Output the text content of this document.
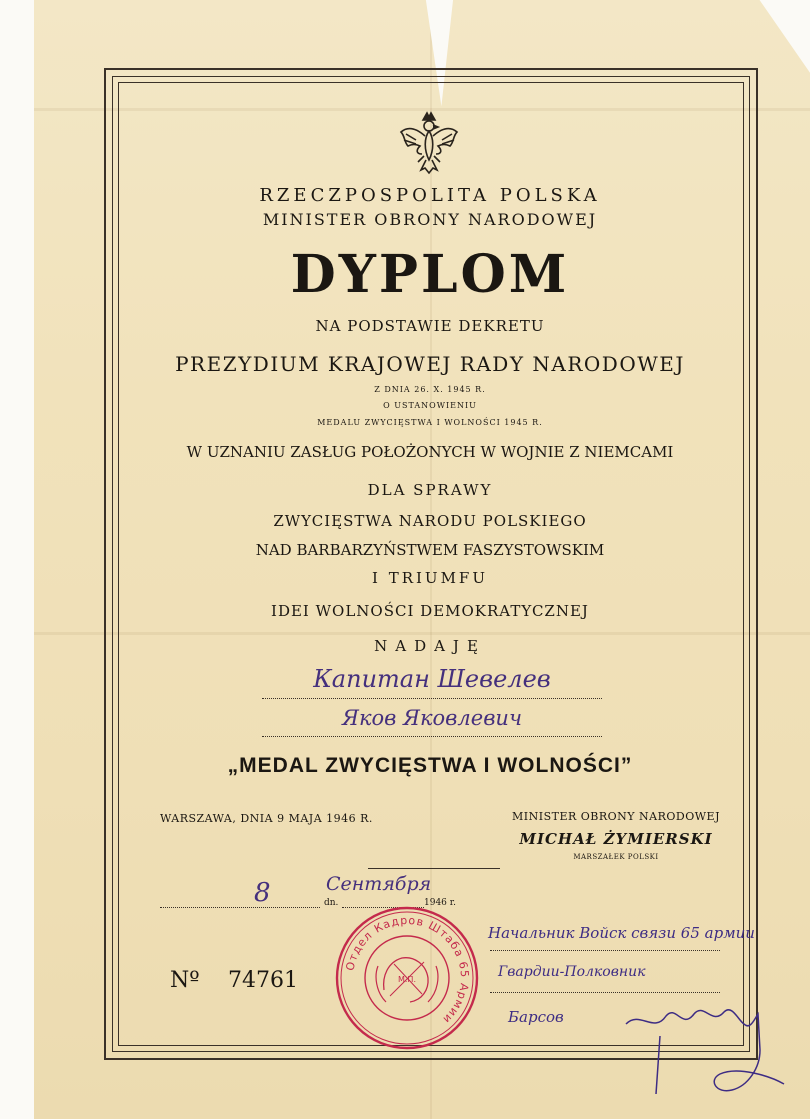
RZECZPOSPOLITA POLSKA
MINISTER OBRONY NARODOWEJ
DYPLOM
NA PODSTAWIE DEKRETU
PREZYDIUM KRAJOWEJ RADY NARODOWEJ
Z DNIA 26. X. 1945 R.
O USTANOWIENIU
MEDALU ZWYCIĘSTWA I WOLNOŚCI 1945 R.
W UZNANIU ZASŁUG POŁOŻONYCH W WOJNIE Z NIEMCAMI
DLA SPRAWY
ZWYCIĘSTWA NARODU POLSKIEGO
NAD BARBARZYŃSTWEM FASZYSTOWSKIM
I TRIUMFU
IDEI WOLNOŚCI DEMOKRATYCZNEJ
NADAJĘ
Капитан Шевелев
Яков Яковлевич
„MEDAL ZWYCIĘSTWA I WOLNOŚCI”
WARSZAWA, DNIA 9 MAJA 1946 R.	MINISTER OBRONY NARODOWEJ
MICHAŁ ŻYMIERSKI
MARSZAŁEK POLSKI
8	Сентября
dn.	1946 r.
Nº 74761
Отдел Кадров Штаба 65 Армии
М.П.
Начальник Войск связи 65 армии
Гвардии-Полковник
Барсов
